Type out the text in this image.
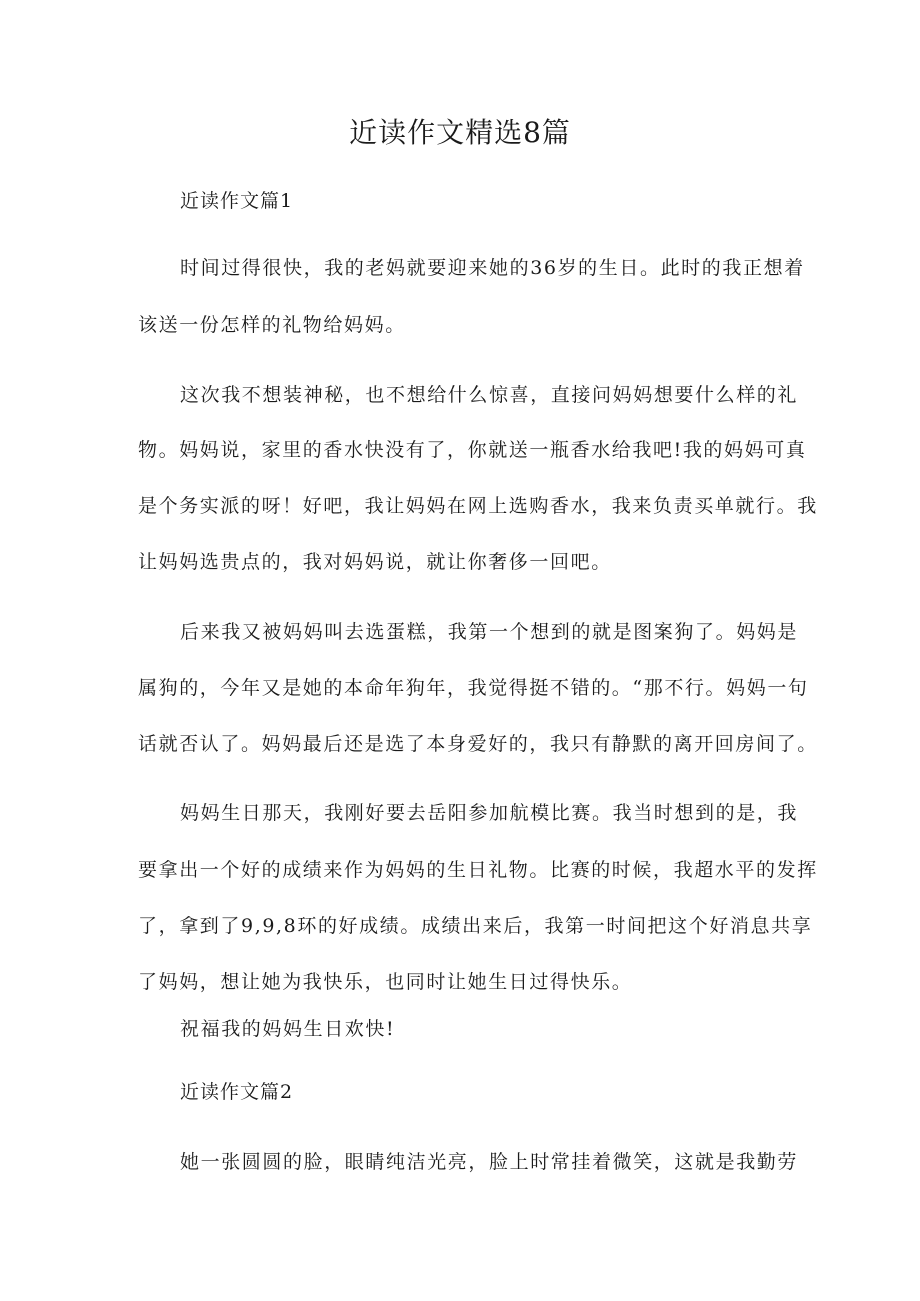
近读作文精选8篇
近读作文篇1
时间过得很快，我的老妈就要迎来她的36岁的生日。此时的我正想着
该送一份怎样的礼物给妈妈。
这次我不想装神秘，也不想给什么惊喜，直接问妈妈想要什么样的礼
物。妈妈说，家里的香水快没有了，你就送一瓶香水给我吧!我的妈妈可真
是个务实派的呀！好吧，我让妈妈在网上选购香水，我来负责买单就行。我
让妈妈选贵点的，我对妈妈说，就让你奢侈一回吧。
后来我又被妈妈叫去选蛋糕，我第一个想到的就是图案狗了。妈妈是
属狗的，今年又是她的本命年狗年，我觉得挺不错的。“那不行。妈妈一句
话就否认了。妈妈最后还是选了本身爱好的，我只有静默的离开回房间了。
妈妈生日那天，我刚好要去岳阳参加航模比赛。我当时想到的是，我
要拿出一个好的成绩来作为妈妈的生日礼物。比赛的时候，我超水平的发挥
了，拿到了9,9,8环的好成绩。成绩出来后，我第一时间把这个好消息共享
了妈妈，想让她为我快乐，也同时让她生日过得快乐。
祝福我的妈妈生日欢快!
近读作文篇2
她一张圆圆的脸，眼睛纯洁光亮，脸上时常挂着微笑，这就是我勤劳
